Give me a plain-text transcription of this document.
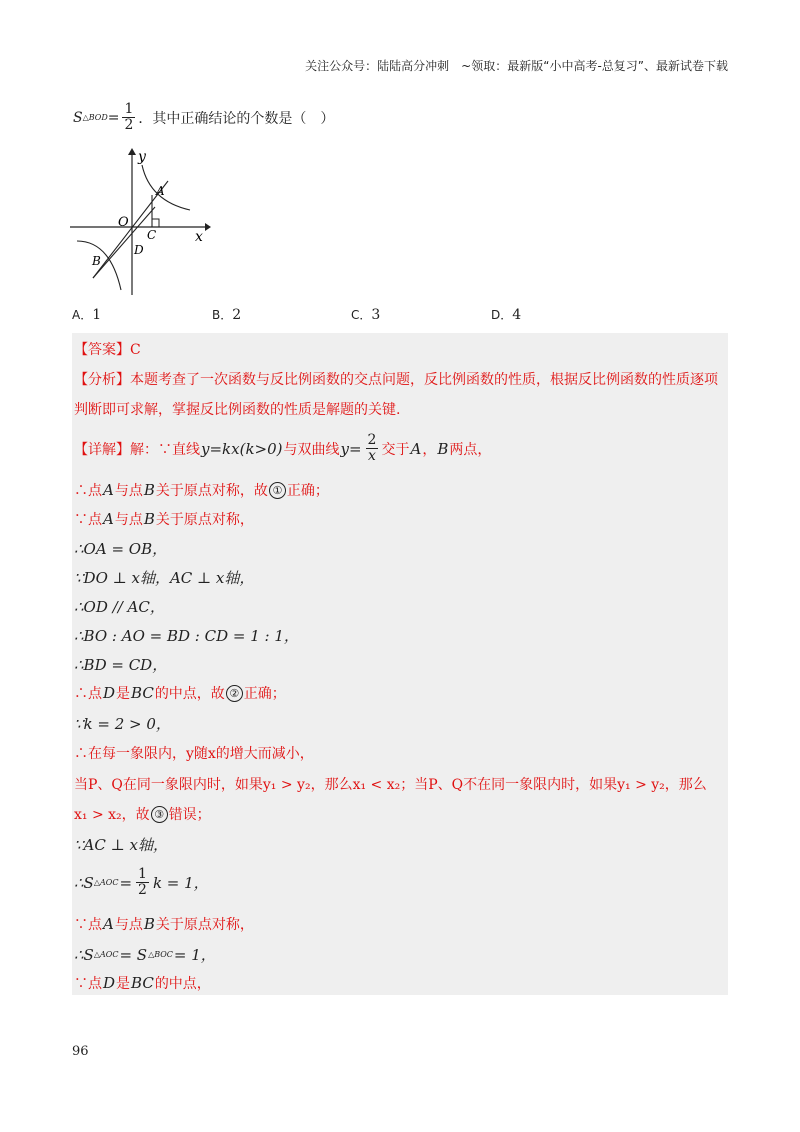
关注公众号：陆陆高分冲刺　~领取：最新版“小中高考-总复习”、最新试卷下载
S △BOD = $\frac{1}{2}$ ．其中正确结论的个数是（　）
y
x
O
A
C
D
B
A．1	B．2	C．3	D．4
【答案】C
【分析】本题考查了一次函数与反比例函数的交点问题，反比例函数的性质，根据反比例函数的性质逐项
判断即可求解，掌握反比例函数的性质是解题的关键.
【详解】解：∵直线 y=kx(k>0) 与双曲线 $y= \frac{2}{x}$ 交于 A ， B 两点，
∴点 A 与点 B 关于原点对称，故 ① 正确；
∵点 A 与点 B 关于原点对称，
∴OA = OB，
∵DO ⊥ x轴，AC ⊥ x轴，
∴OD // AC，
∴BO : AO = BD : CD = 1 : 1，
∴BD = CD，
∴点 D 是 BC 的中点，故 ② 正确；
∵k = 2 > 0，
∴在每一象限内，y随x的增大而减小，
当P、Q在同一象限内时，如果y₁ > y₂，那么x₁ < x₂；当P、Q不在同一象限内时，如果y₁ > y₂，那么
x₁ > x₂，故 ③ 错误；
∵AC ⊥ x轴，
∴S △AOC = $\frac{1}{2}$ k = 1，
∵点 A 与点 B 关于原点对称，
∴S △AOC = S △BOC = 1，
∵点 D 是 BC 的中点，
96
